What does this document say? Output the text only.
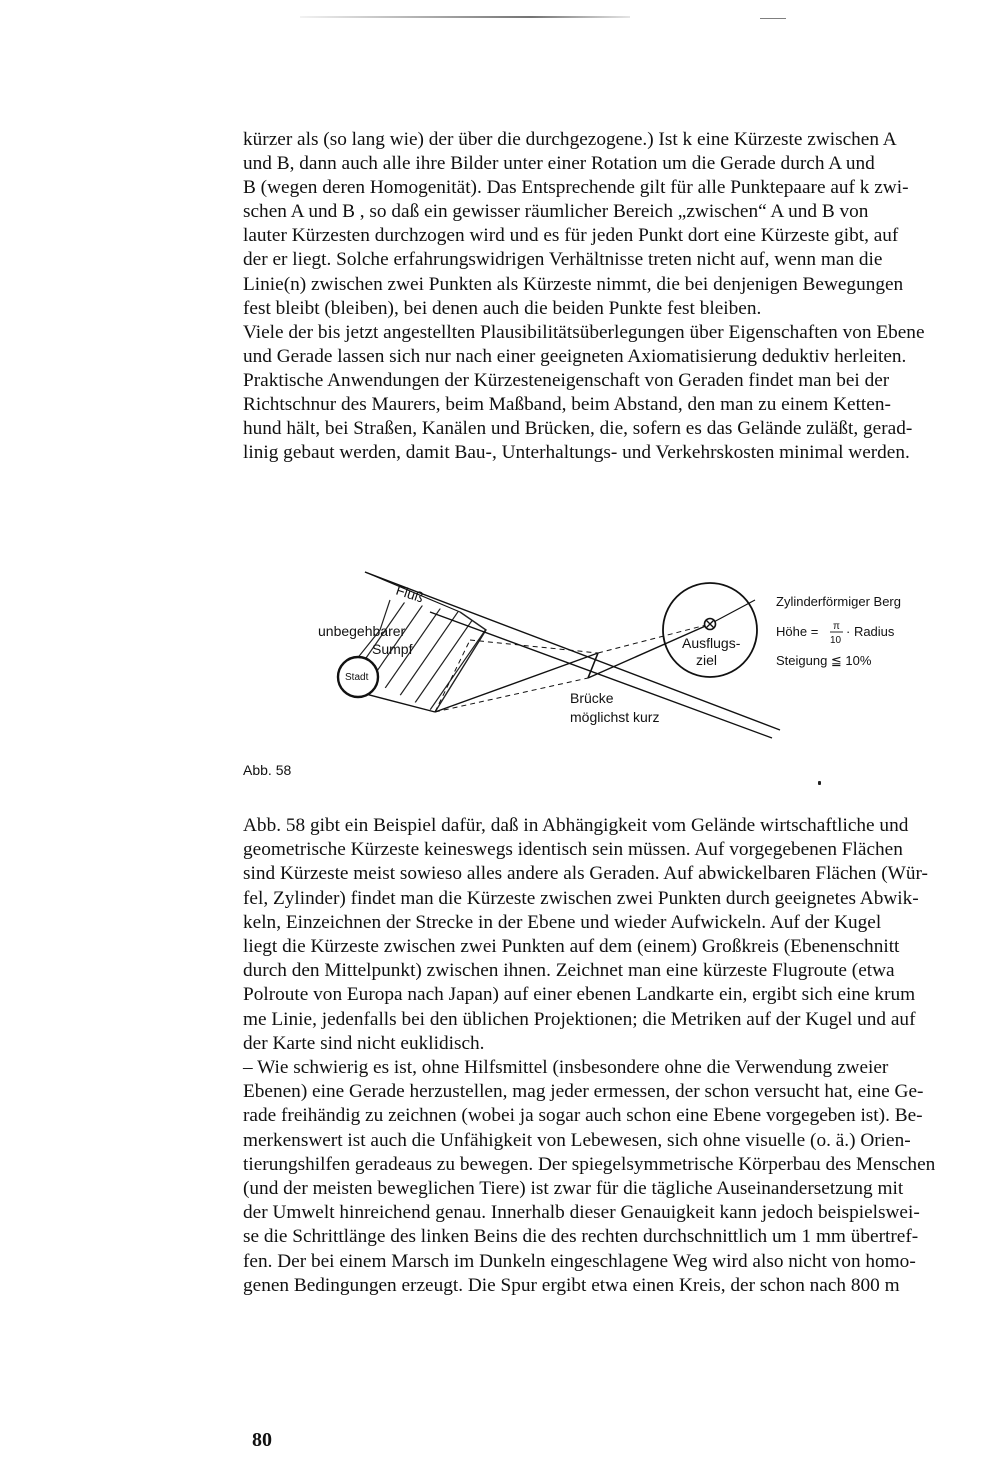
kürzer als (so lang wie) der über die durchgezogene.) Ist k eine Kürzeste zwischen A
und B, dann auch alle ihre Bilder unter einer Rotation um die Gerade durch A und
B (wegen deren Homogenität). Das Entsprechende gilt für alle Punktepaare auf k zwi-
schen A und B , so daß ein gewisser räumlicher Bereich „zwischen“ A und B von
lauter Kürzesten durchzogen wird und es für jeden Punkt dort eine Kürzeste gibt, auf
der er liegt. Solche erfahrungswidrigen Verhältnisse treten nicht auf, wenn man die
Linie(n) zwischen zwei Punkten als Kürzeste nimmt, die bei denjenigen Bewegungen
fest bleibt (bleiben), bei denen auch die beiden Punkte fest bleiben.
Viele der bis jetzt angestellten Plausibilitätsüberlegungen über Eigenschaften von Ebene
und Gerade lassen sich nur nach einer geeigneten Axiomatisierung deduktiv herleiten.
Praktische Anwendungen der Kürzesteneigenschaft von Geraden findet man bei der
Richtschnur des Maurers, beim Maßband, beim Abstand, den man zu einem Ketten-
hund hält, bei Straßen, Kanälen und Brücken, die, sofern es das Gelände zuläßt, gerad-
linig gebaut werden, damit Bau-, Unterhaltungs- und Verkehrskosten minimal werden.
Fluß
unbegehbarer
Sumpf
Stadt
Ausflugs-
ziel
Brücke
möglichst kurz
Zylinderförmiger Berg
Höhe = π
10
· Radius
Steigung ≦ 10%
Abb. 58
Abb. 58 gibt ein Beispiel dafür, daß in Abhängigkeit vom Gelände wirtschaftliche und
geometrische Kürzeste keineswegs identisch sein müssen. Auf vorgegebenen Flächen
sind Kürzeste meist sowieso alles andere als Geraden. Auf abwickelbaren Flächen (Wür-
fel, Zylinder) findet man die Kürzeste zwischen zwei Punkten durch geeignetes Abwik-
keln, Einzeichnen der Strecke in der Ebene und wieder Aufwickeln. Auf der Kugel
liegt die Kürzeste zwischen zwei Punkten auf dem (einem) Großkreis (Ebenenschnitt
durch den Mittelpunkt) zwischen ihnen. Zeichnet man eine kürzeste Flugroute (etwa
Polroute von Europa nach Japan) auf einer ebenen Landkarte ein, ergibt sich eine krum
me Linie, jedenfalls bei den üblichen Projektionen; die Metriken auf der Kugel und auf
der Karte sind nicht euklidisch.
– Wie schwierig es ist, ohne Hilfsmittel (insbesondere ohne die Verwendung zweier
Ebenen) eine Gerade herzustellen, mag jeder ermessen, der schon versucht hat, eine Ge-
rade freihändig zu zeichnen (wobei ja sogar auch schon eine Ebene vorgegeben ist). Be-
merkenswert ist auch die Unfähigkeit von Lebewesen, sich ohne visuelle (o. ä.) Orien-
tierungshilfen geradeaus zu bewegen. Der spiegelsymmetrische Körperbau des Menschen
(und der meisten beweglichen Tiere) ist zwar für die tägliche Auseinandersetzung mit
der Umwelt hinreichend genau. Innerhalb dieser Genauigkeit kann jedoch beispielswei-
se die Schrittlänge des linken Beins die des rechten durchschnittlich um 1 mm übertref-
fen. Der bei einem Marsch im Dunkeln eingeschlagene Weg wird also nicht von homo-
genen Bedingungen erzeugt. Die Spur ergibt etwa einen Kreis, der schon nach 800 m
80
